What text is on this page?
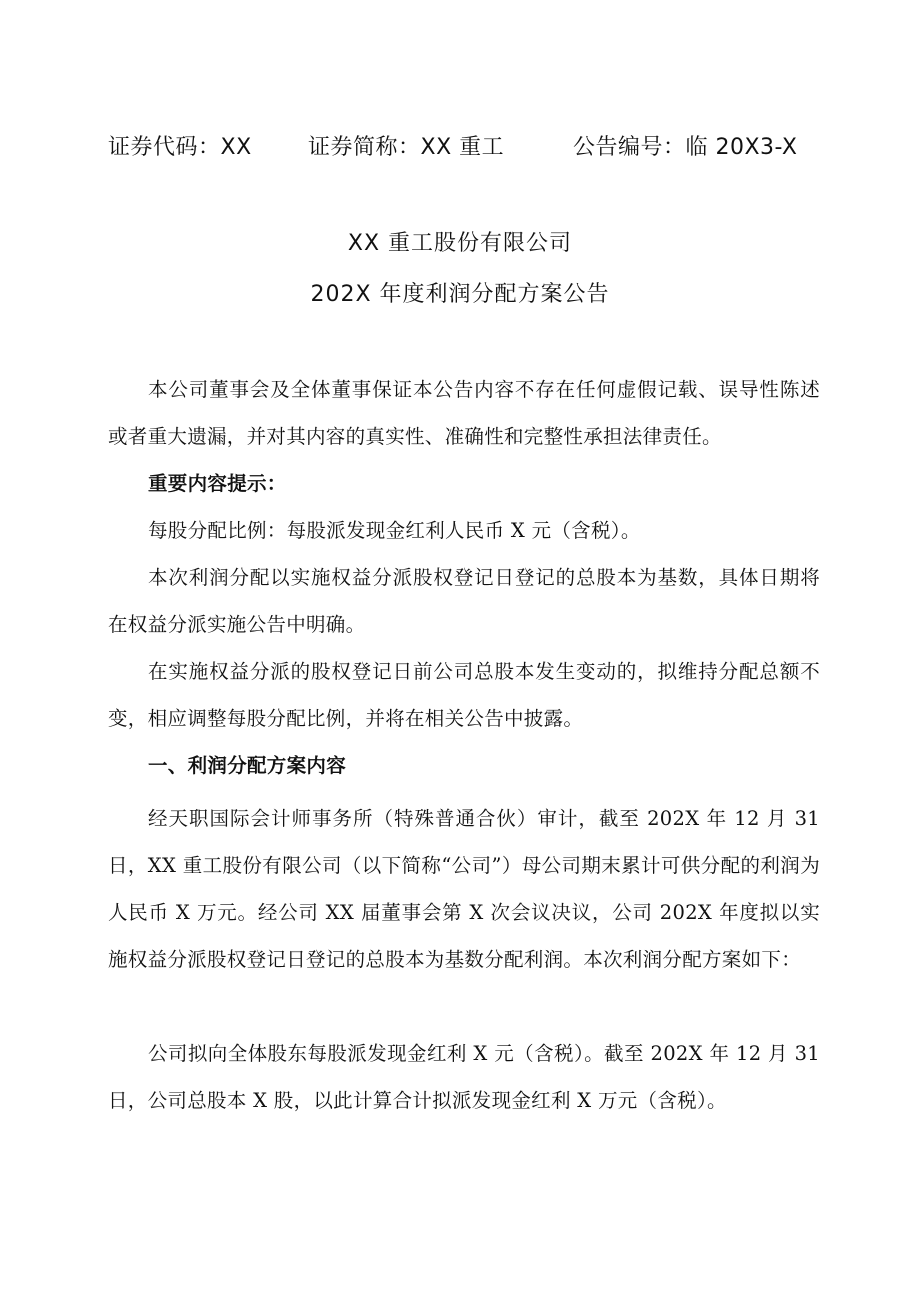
证券代码：XX	证券简称：XX 重工	公告编号：临 20X3-X
XX 重工股份有限公司
202X 年度利润分配方案公告

本公司董事会及全体董事保证本公告内容不存在任何虚假记载、误导性陈述或者重大遗漏，并对其内容的真实性、准确性和完整性承担法律责任。

重要内容提示：

每股分配比例：每股派发现金红利人民币 X 元（含税）。

本次利润分配以实施权益分派股权登记日登记的总股本为基数，具体日期将在权益分派实施公告中明确。

在实施权益分派的股权登记日前公司总股本发生变动的，拟维持分配总额不变，相应调整每股分配比例，并将在相关公告中披露。

一、利润分配方案内容

经天职国际会计师事务所（特殊普通合伙）审计，截至 202X 年 12 月 31 日，XX 重工股份有限公司（以下简称“公司”）母公司期末累计可供分配的利润为人民币 X 万元。经公司 XX 届董事会第 X 次会议决议，公司 202X 年度拟以实施权益分派股权登记日登记的总股本为基数分配利润。本次利润分配方案如下：

公司拟向全体股东每股派发现金红利 X 元（含税）。截至 202X 年 12 月 31 日，公司总股本 X 股，以此计算合计拟派发现金红利 X 万元（含税）。
